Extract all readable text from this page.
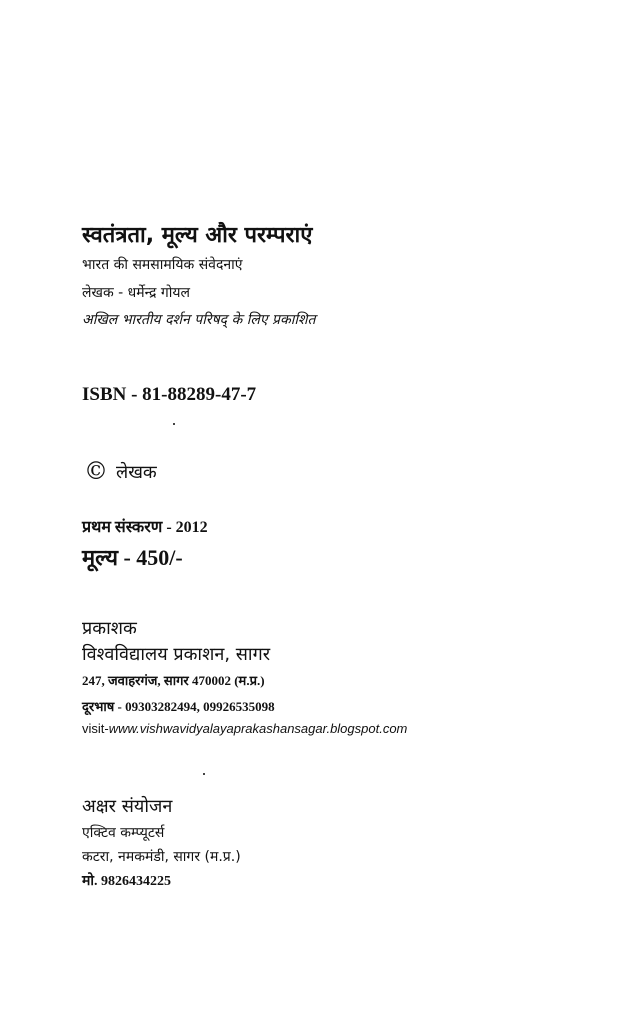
स्वतंत्रता, मूल्य और परम्पराएं
भारत की समसामयिक संवेदनाएं
लेखक - धर्मेन्द्र गोयल
अखिल भारतीय दर्शन परिषद् के लिए प्रकाशित
ISBN - 81-88289-47-7
© लेखक
प्रथम संस्करण - 2012
मूल्य - 450/-
प्रकाशक
विश्वविद्यालय प्रकाशन, सागर
247, जवाहरगंज, सागर 470002 (म.प्र.)
दूरभाष - 09303282494, 09926535098
visit-www.vishwavidyalayaprakashansagar.blogspot.com
अक्षर संयोजन
एक्टिव कम्प्यूटर्स
कटरा, नमकमंडी, सागर (म.प्र.)
मो. 9826434225
